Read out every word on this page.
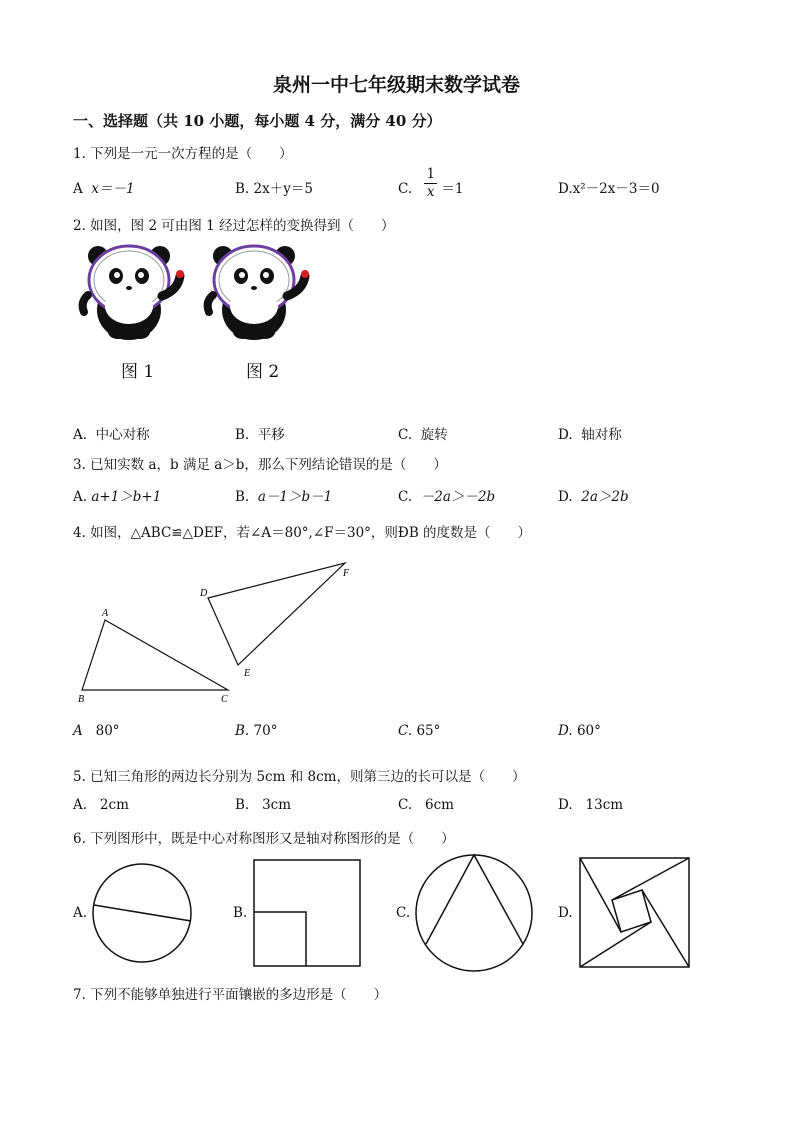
泉州一中七年级期末数学试卷
一、选择题（共 10 小题，每小题 4 分，满分 40 分）
1. 下列是一元一次方程的是（　　）
A x＝－1	B. 2x＋y＝5	C. $\frac{1}{x} =1$	D.x²－2x－3＝0
2. 如图，图 2 可由图 1 经过怎样的变换得到（　　）
图 1	图 2
A. 中心对称	B. 平移	C. 旋转	D. 轴对称
3. 已知实数 a，b 满足 a＞b，那么下列结论错误的是（　　）
A. a+1＞b+1	B. a－1＞b－1	C. －2a＞－2b	D. 2a＞2b
4. 如图，△ABC≌△DEF，若∠A＝80°,∠F＝30°，则ÐB 的度数是（　　）
A
B	C
D
E
F
A 80°	B. 70°	C. 65°	D. 60°
5. 已知三角形的两边长分别为 5cm 和 8cm，则第三边的长可以是（　　）
A. 2cm	B. 3cm	C. 6cm	D. 13cm
6. 下列图形中，既是中心对称图形又是轴对称图形的是（　　）
A.	B.	C.	D.
7. 下列不能够单独进行平面镶嵌的多边形是（　　）
